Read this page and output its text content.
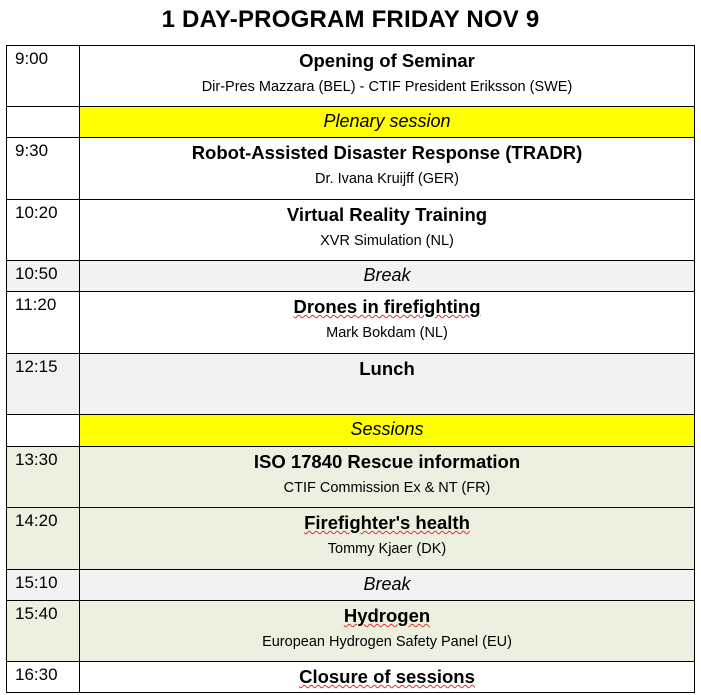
1 DAY-PROGRAM FRIDAY NOV 9
9:00	Opening of Seminar
Dir-Pres Mazzara (BEL) - CTIF President Eriksson (SWE)

	Plenary session

9:30	Robot-Assisted Disaster Response (TRADR)
Dr. Ivana Kruijff (GER)

10:20	Virtual Reality Training
XVR Simulation (NL)

10:50	Break

11:20	Drones in firefighting
Mark Bokdam (NL)

12:15	Lunch

	Sessions

13:30	ISO 17840 Rescue information
CTIF Commission Ex & NT (FR)

14:20	Firefighter's health
Tommy Kjaer (DK)

15:10	Break

15:40	Hydrogen
European Hydrogen Safety Panel (EU)

16:30	Closure of sessions
